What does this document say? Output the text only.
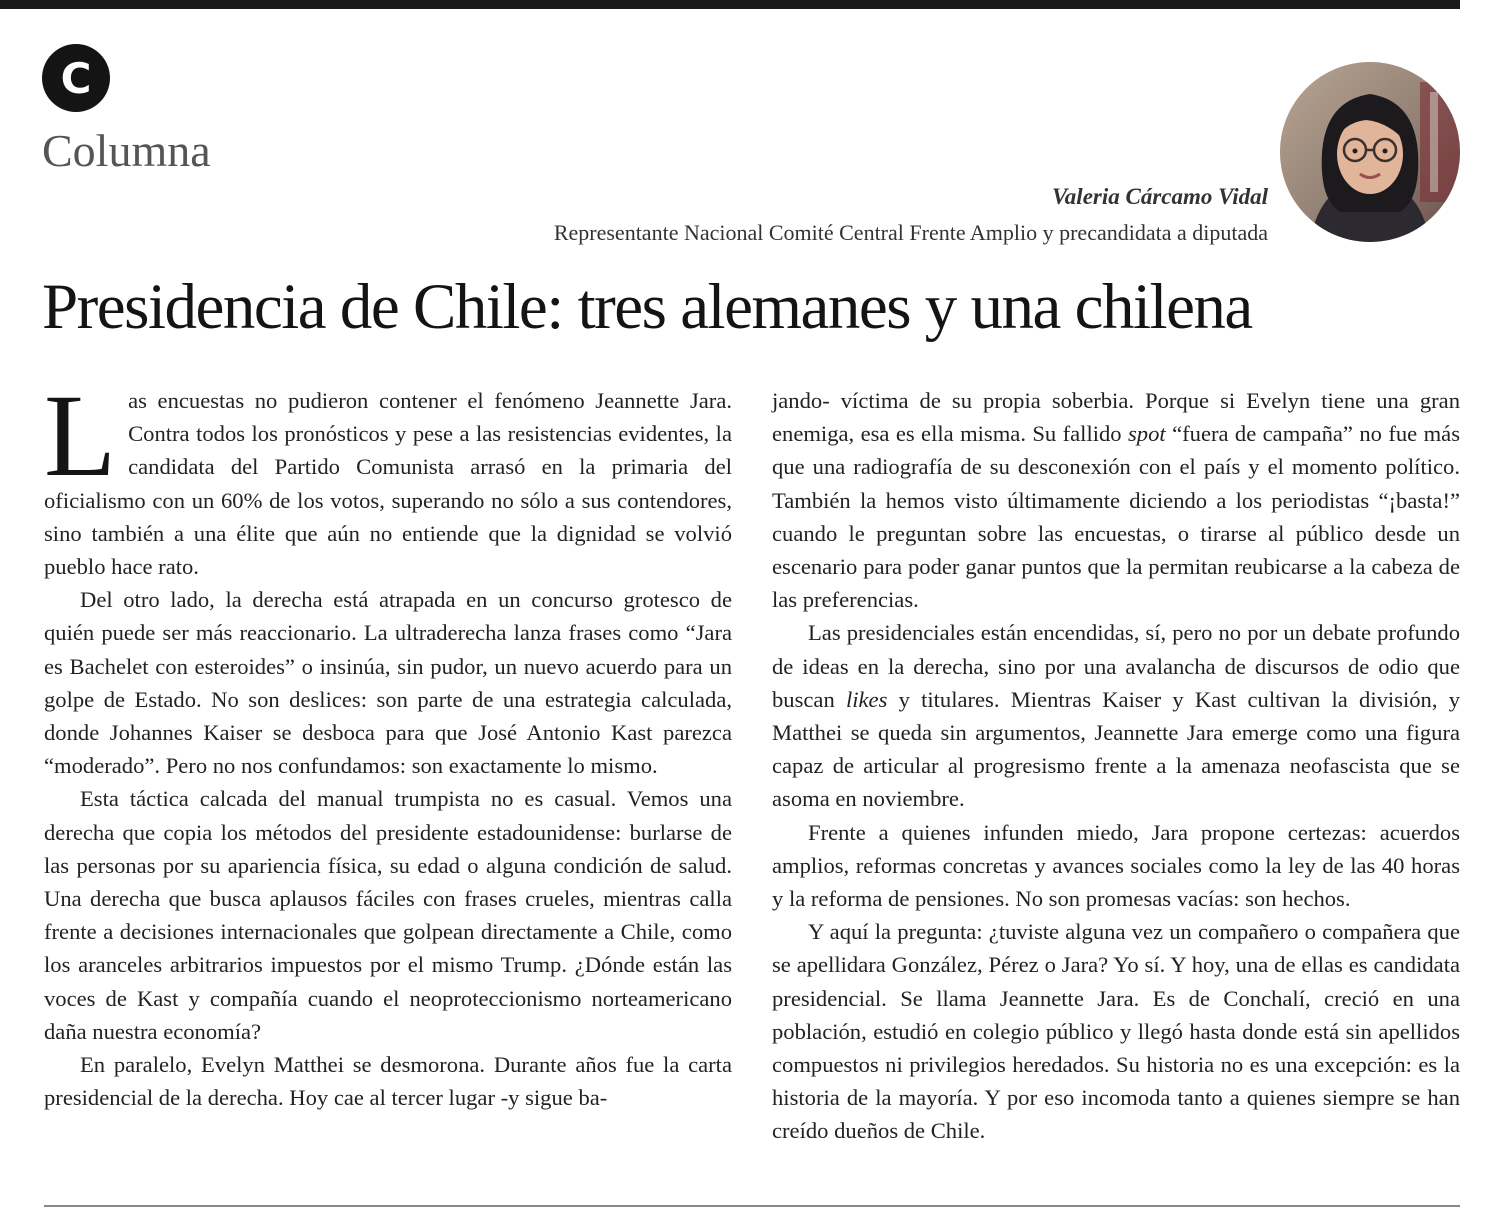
C
Columna
Valeria Cárcamo Vidal
Representante Nacional Comité Central Frente Amplio y precandidata a diputada
Presidencia de Chile: tres alemanes y una chilena

Las encuestas no pudieron contener el fenómeno Jeannette Jara. Contra todos los pronósticos y pese a las resistencias evidentes, la candidata del Partido Comunista arrasó en la primaria del oficialismo con un 60% de los votos, superando no sólo a sus contendores, sino también a una élite que aún no entiende que la dignidad se volvió pueblo hace rato.

Del otro lado, la derecha está atrapada en un concurso grotesco de quién puede ser más reaccionario. La ultraderecha lanza frases como “Jara es Bachelet con esteroides” o insinúa, sin pudor, un nuevo acuerdo para un golpe de Estado. No son deslices: son parte de una estrategia calculada, donde Johannes Kaiser se desboca para que José Antonio Kast parezca “moderado”. Pero no nos confundamos: son exactamente lo mismo.

Esta táctica calcada del manual trumpista no es casual. Vemos una derecha que copia los métodos del presidente estadounidense: burlarse de las personas por su apariencia física, su edad o alguna condición de salud. Una derecha que busca aplausos fáciles con frases crueles, mientras calla frente a decisiones internacionales que golpean directamente a Chile, como los aranceles arbitrarios impuestos por el mismo Trump. ¿Dónde están las voces de Kast y compañía cuando el neoproteccionismo norteamericano daña nuestra economía?

En paralelo, Evelyn Matthei se desmorona. Durante años fue la carta presidencial de la derecha. Hoy cae al tercer lugar -y sigue ba-

jando- víctima de su propia soberbia. Porque si Evelyn tiene una gran enemiga, esa es ella misma. Su fallido spot “fuera de campaña” no fue más que una radiografía de su desconexión con el país y el momento político. También la hemos visto últimamente diciendo a los periodistas “¡basta!” cuando le preguntan sobre las encuestas, o tirarse al público desde un escenario para poder ganar puntos que la permitan reubicarse a la cabeza de las preferencias.

Las presidenciales están encendidas, sí, pero no por un debate profundo de ideas en la derecha, sino por una avalancha de discursos de odio que buscan likes y titulares. Mientras Kaiser y Kast cultivan la división, y Matthei se queda sin argumentos, Jeannette Jara emerge como una figura capaz de articular al progresismo frente a la amenaza neofascista que se asoma en noviembre.

Frente a quienes infunden miedo, Jara propone certezas: acuerdos amplios, reformas concretas y avances sociales como la ley de las 40 horas y la reforma de pensiones. No son promesas vacías: son hechos.

Y aquí la pregunta: ¿tuviste alguna vez un compañero o compañera que se apellidara González, Pérez o Jara? Yo sí. Y hoy, una de ellas es candidata presidencial. Se llama Jeannette Jara. Es de Conchalí, creció en una población, estudió en colegio público y llegó hasta donde está sin apellidos compuestos ni privilegios heredados. Su historia no es una excepción: es la historia de la mayoría. Y por eso incomoda tanto a quienes siempre se han creído dueños de Chile.
